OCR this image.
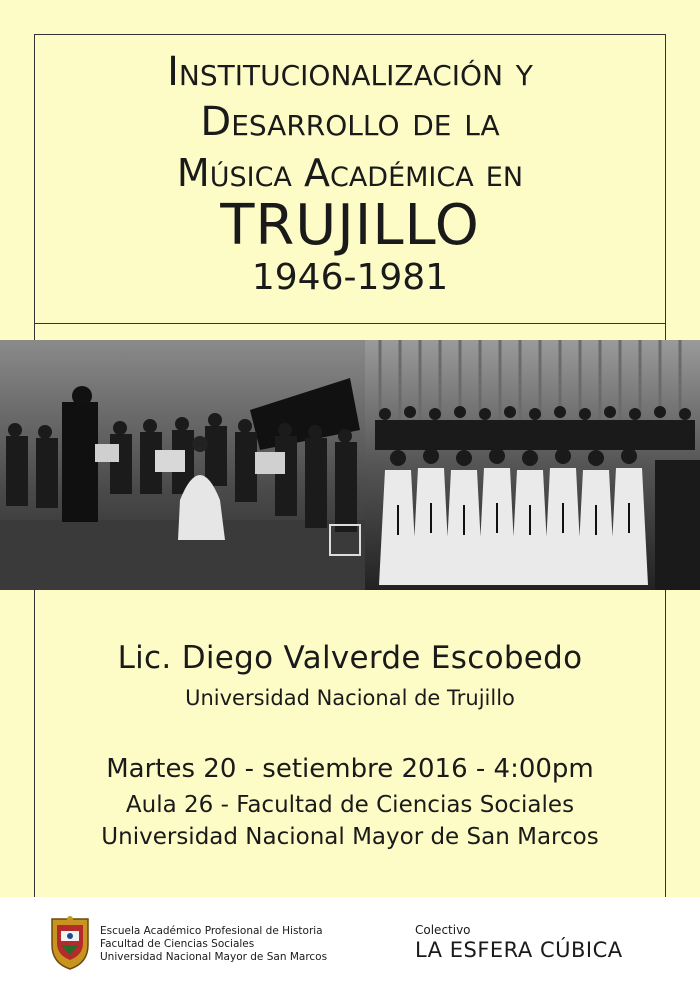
Institucionalización y
Desarrollo de la
Música Académica en
TRUJILLO
1946-1981
Lic. Diego Valverde Escobedo
Universidad Nacional de Trujillo
Martes 20 - setiembre 2016 - 4:00pm
Aula 26 - Facultad de Ciencias Sociales
Universidad Nacional Mayor de San Marcos
Escuela Académico Profesional de Historia
Facultad de Ciencias Sociales
Universidad Nacional Mayor de San Marcos
Colectivo
LA ESFERA CÚBICA
